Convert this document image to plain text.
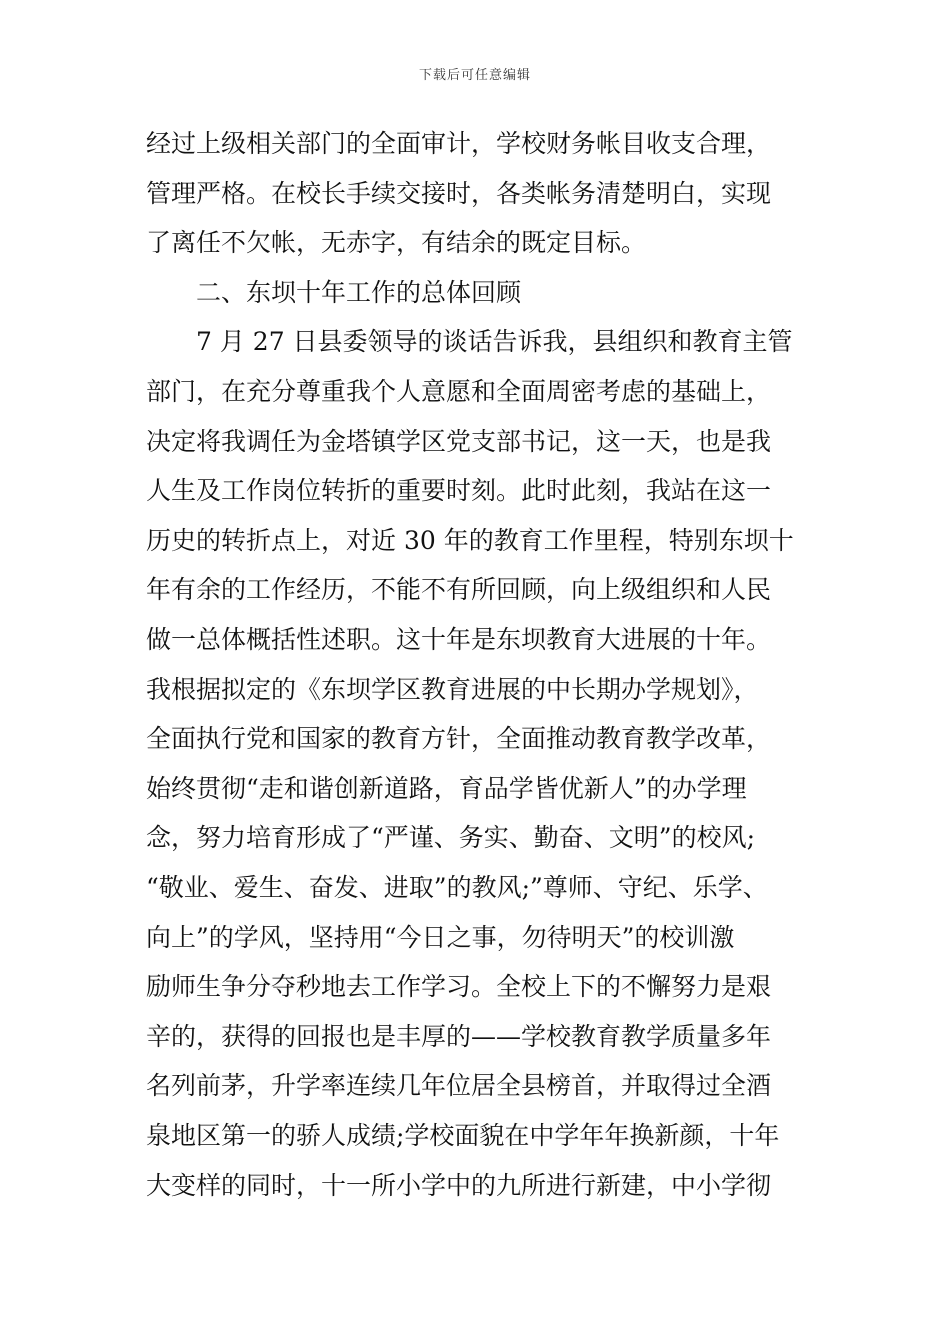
下载后可任意编辑
经过上级相关部门的全面审计，学校财务帐目收支合理，
管理严格。在校长手续交接时，各类帐务清楚明白，实现
了离任不欠帐，无赤字，有结余的既定目标。
二、东坝十年工作的总体回顾
7 月 27 日县委领导的谈话告诉我，县组织和教育主管
部门，在充分尊重我个人意愿和全面周密考虑的基础上，
决定将我调任为金塔镇学区党支部书记，这一天，也是我
人生及工作岗位转折的重要时刻。此时此刻，我站在这一
历史的转折点上，对近 30 年的教育工作里程，特别东坝十
年有余的工作经历，不能不有所回顾，向上级组织和人民
做一总体概括性述职。这十年是东坝教育大进展的十年。
我根据拟定的《东坝学区教育进展的中长期办学规划》，
全面执行党和国家的教育方针，全面推动教育教学改革，
始终贯彻“走和谐创新道路，育品学皆优新人”的办学理
念，努力培育形成了“严谨、务实、勤奋、文明”的校风;
“敬业、爱生、奋发、进取”的教风;”尊师、守纪、乐学、
向上”的学风，坚持用“今日之事，勿待明天”的校训激
励师生争分夺秒地去工作学习。全校上下的不懈努力是艰
辛的，获得的回报也是丰厚的——学校教育教学质量多年
名列前茅，升学率连续几年位居全县榜首，并取得过全酒
泉地区第一的骄人成绩;学校面貌在中学年年换新颜，十年
大变样的同时，十一所小学中的九所进行新建，中小学彻
